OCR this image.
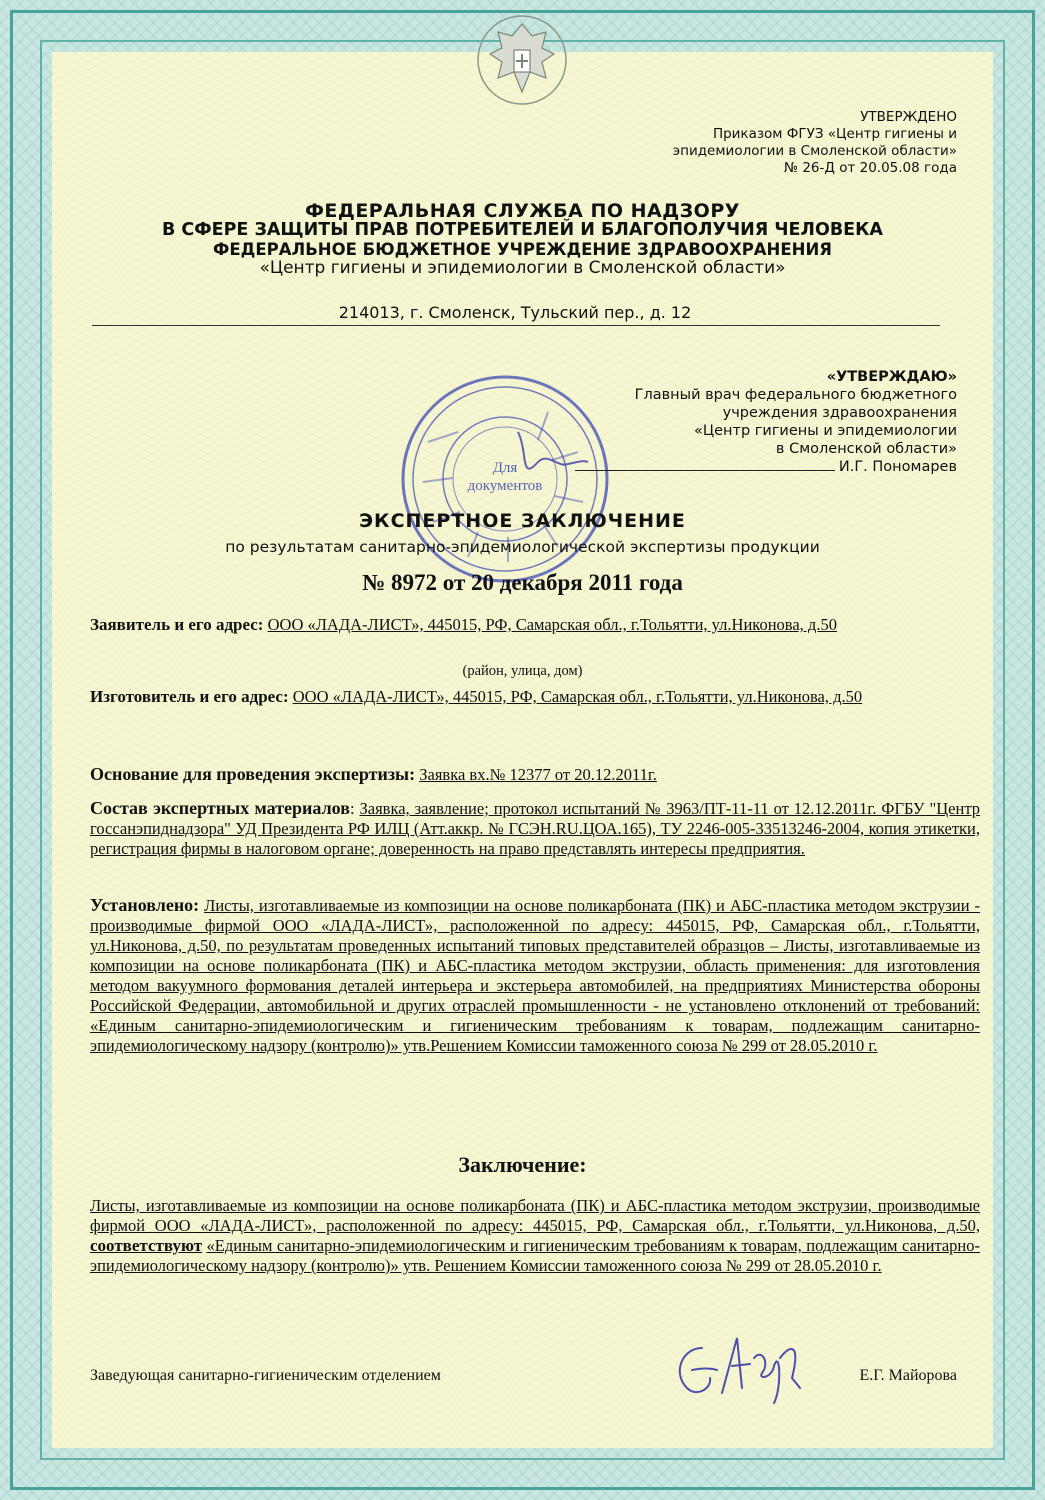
УТВЕРЖДЕНО
Приказом ФГУЗ «Центр гигиены и
эпидемиологии в Смоленской области»
№ 26-Д от 20.05.08 года
ФЕДЕРАЛЬНАЯ СЛУЖБА ПО НАДЗОРУ
В СФЕРЕ ЗАЩИТЫ ПРАВ ПОТРЕБИТЕЛЕЙ И БЛАГОПОЛУЧИЯ ЧЕЛОВЕКА
ФЕДЕРАЛЬНОЕ БЮДЖЕТНОЕ УЧРЕЖДЕНИЕ ЗДРАВООХРАНЕНИЯ
«Центр гигиены и эпидемиологии в Смоленской области»
214013, г. Смоленск, Тульский пер., д. 12
Для
документов
«УТВЕРЖДАЮ»
Главный врач федерального бюджетного
учреждения здравоохранения
«Центр гигиены и эпидемиологии
в Смоленской области»
И.Г. Пономарев
ЭКСПЕРТНОЕ ЗАКЛЮЧЕНИЕ
по результатам санитарно-эпидемиологической экспертизы продукции
№ 8972 от 20 декабря 2011 года
Заявитель и его адрес: ООО «ЛАДА-ЛИСТ», 445015, РФ, Самарская обл., г.Тольятти, ул.Никонова, д.50
(район, улица, дом)
Изготовитель и его адрес: ООО «ЛАДА-ЛИСТ», 445015, РФ, Самарская обл., г.Тольятти, ул.Никонова, д.50
Основание для проведения экспертизы: Заявка вх.№ 12377 от 20.12.2011г.
Состав экспертных материалов: Заявка, заявление; протокол испытаний № 3963/ПТ-11-11 от 12.12.2011г. ФГБУ "Центр госсанэпиднадзора" УД Президента РФ ИЛЦ (Атт.аккр. № ГСЭН.RU.ЦОА.165), ТУ 2246-005-33513246-2004, копия этикетки, регистрация фирмы в налоговом органе; доверенность на право представлять интересы предприятия.
Установлено: Листы, изготавливаемые из композиции на основе поликарбоната (ПК) и АБС-пластика методом экструзии - производимые фирмой ООО «ЛАДА-ЛИСТ», расположенной по адресу: 445015, РФ, Самарская обл., г.Тольятти, ул.Никонова, д.50, по результатам проведенных испытаний типовых представителей образцов – Листы, изготавливаемые из композиции на основе поликарбоната (ПК) и АБС-пластика методом экструзии, область применения: для изготовления методом вакуумного формования деталей интерьера и экстерьера автомобилей, на предприятиях Министерства обороны Российской Федерации, автомобильной и других отраслей промышленности - не установлено отклонений от требований: «Единым санитарно-эпидемиологическим и гигиеническим требованиям к товарам, подлежащим санитарно-эпидемиологическому надзору (контролю)» утв.Решением Комиссии таможенного союза № 299 от 28.05.2010 г.
Заключение:
Листы, изготавливаемые из композиции на основе поликарбоната (ПК) и АБС-пластика методом экструзии, производимые фирмой ООО «ЛАДА-ЛИСТ», расположенной по адресу: 445015, РФ, Самарская обл., г.Тольятти, ул.Никонова, д.50, соответствуют «Единым санитарно-эпидемиологическим и гигиеническим требованиям к товарам, подлежащим санитарно-эпидемиологическому надзору (контролю)» утв. Решением Комиссии таможенного союза № 299 от 28.05.2010 г.
Заведующая санитарно-гигиеническим отделением	Е.Г. Майорова
